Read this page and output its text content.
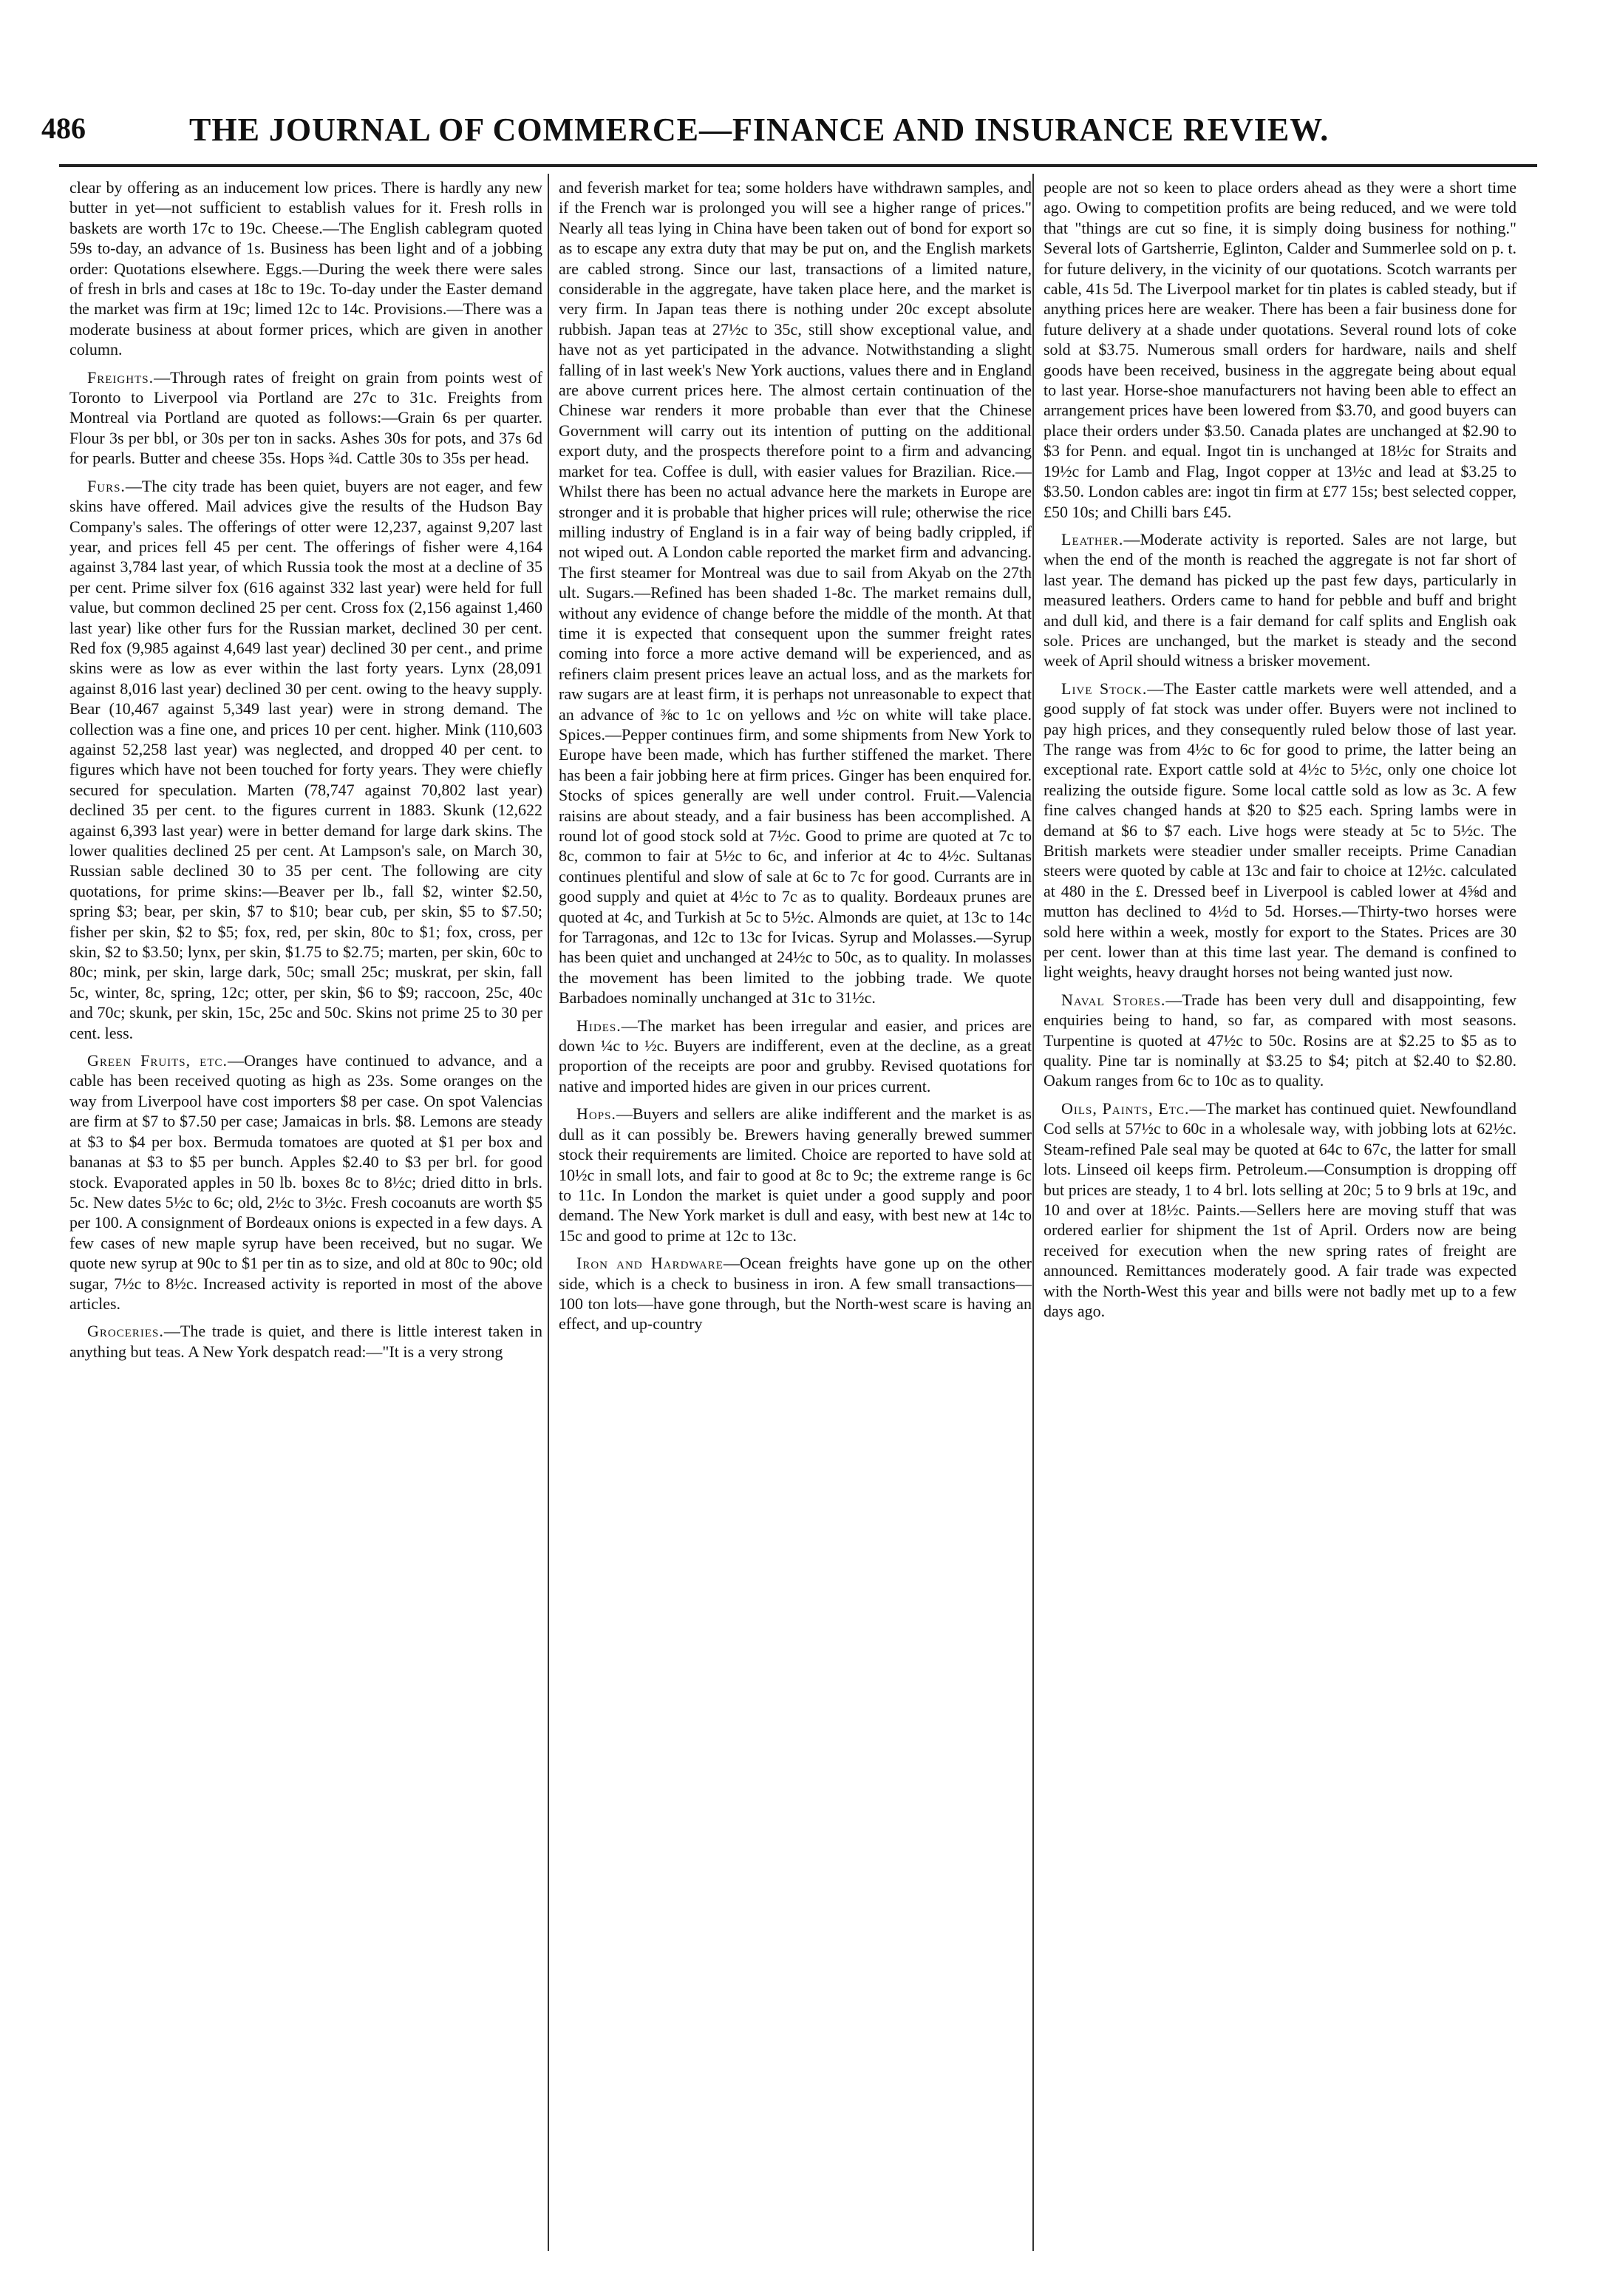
486	THE JOURNAL OF COMMERCE—FINANCE AND INSURANCE REVIEW.

clear by offering as an inducement low prices. There is hardly any new butter in yet—not sufficient to establish values for it. Fresh rolls in baskets are worth 17c to 19c. Cheese.—The English cablegram quoted 59s to-day, an advance of 1s. Business has been light and of a jobbing order: Quotations elsewhere. Eggs.—During the week there were sales of fresh in brls and cases at 18c to 19c. To-day under the Easter demand the market was firm at 19c; limed 12c to 14c. Provisions.—There was a moderate business at about former prices, which are given in another column.

Freights.—Through rates of freight on grain from points west of Toronto to Liverpool via Portland are 27c to 31c. Freights from Montreal via Portland are quoted as follows:—Grain 6s per quarter. Flour 3s per bbl, or 30s per ton in sacks. Ashes 30s for pots, and 37s 6d for pearls. Butter and cheese 35s. Hops ¾d. Cattle 30s to 35s per head.

Furs.—The city trade has been quiet, buyers are not eager, and few skins have offered. Mail advices give the results of the Hudson Bay Company's sales. The offerings of otter were 12,237, against 9,207 last year, and prices fell 45 per cent. The offerings of fisher were 4,164 against 3,784 last year, of which Russia took the most at a decline of 35 per cent. Prime silver fox (616 against 332 last year) were held for full value, but common declined 25 per cent. Cross fox (2,156 against 1,460 last year) like other furs for the Russian market, declined 30 per cent. Red fox (9,985 against 4,649 last year) declined 30 per cent., and prime skins were as low as ever within the last forty years. Lynx (28,091 against 8,016 last year) declined 30 per cent. owing to the heavy supply. Bear (10,467 against 5,349 last year) were in strong demand. The collection was a fine one, and prices 10 per cent. higher. Mink (110,603 against 52,258 last year) was neglected, and dropped 40 per cent. to figures which have not been touched for forty years. They were chiefly secured for speculation. Marten (78,747 against 70,802 last year) declined 35 per cent. to the figures current in 1883. Skunk (12,622 against 6,393 last year) were in better demand for large dark skins. The lower qualities declined 25 per cent. At Lampson's sale, on March 30, Russian sable declined 30 to 35 per cent. The following are city quotations, for prime skins:—Beaver per lb., fall $2, winter $2.50, spring $3; bear, per skin, $7 to $10; bear cub, per skin, $5 to $7.50; fisher per skin, $2 to $5; fox, red, per skin, 80c to $1; fox, cross, per skin, $2 to $3.50; lynx, per skin, $1.75 to $2.75; marten, per skin, 60c to 80c; mink, per skin, large dark, 50c; small 25c; muskrat, per skin, fall 5c, winter, 8c, spring, 12c; otter, per skin, $6 to $9; raccoon, 25c, 40c and 70c; skunk, per skin, 15c, 25c and 50c. Skins not prime 25 to 30 per cent. less.

Green Fruits, etc.—Oranges have continued to advance, and a cable has been received quoting as high as 23s. Some oranges on the way from Liverpool have cost importers $8 per case. On spot Valencias are firm at $7 to $7.50 per case; Jamaicas in brls. $8. Lemons are steady at $3 to $4 per box. Bermuda tomatoes are quoted at $1 per box and bananas at $3 to $5 per bunch. Apples $2.40 to $3 per brl. for good stock. Evaporated apples in 50 lb. boxes 8c to 8½c; dried ditto in brls. 5c. New dates 5½c to 6c; old, 2½c to 3½c. Fresh cocoanuts are worth $5 per 100. A consignment of Bordeaux onions is expected in a few days. A few cases of new maple syrup have been received, but no sugar. We quote new syrup at 90c to $1 per tin as to size, and old at 80c to 90c; old sugar, 7½c to 8½c. Increased activity is reported in most of the above articles.

Groceries.—The trade is quiet, and there is little interest taken in anything but teas. A New York despatch read:—"It is a very strong

and feverish market for tea; some holders have withdrawn samples, and if the French war is prolonged you will see a higher range of prices." Nearly all teas lying in China have been taken out of bond for export so as to escape any extra duty that may be put on, and the English markets are cabled strong. Since our last, transactions of a limited nature, considerable in the aggregate, have taken place here, and the market is very firm. In Japan teas there is nothing under 20c except absolute rubbish. Japan teas at 27½c to 35c, still show exceptional value, and have not as yet participated in the advance. Notwithstanding a slight falling of in last week's New York auctions, values there and in England are above current prices here. The almost certain continuation of the Chinese war renders it more probable than ever that the Chinese Government will carry out its intention of putting on the additional export duty, and the prospects therefore point to a firm and advancing market for tea. Coffee is dull, with easier values for Brazilian. Rice.—Whilst there has been no actual advance here the markets in Europe are stronger and it is probable that higher prices will rule; otherwise the rice milling industry of England is in a fair way of being badly crippled, if not wiped out. A London cable reported the market firm and advancing. The first steamer for Montreal was due to sail from Akyab on the 27th ult. Sugars.—Refined has been shaded 1-8c. The market remains dull, without any evidence of change before the middle of the month. At that time it is expected that consequent upon the summer freight rates coming into force a more active demand will be experienced, and as refiners claim present prices leave an actual loss, and as the markets for raw sugars are at least firm, it is perhaps not unreasonable to expect that an advance of ⅜c to 1c on yellows and ½c on white will take place. Spices.—Pepper continues firm, and some shipments from New York to Europe have been made, which has further stiffened the market. There has been a fair jobbing here at firm prices. Ginger has been enquired for. Stocks of spices generally are well under control. Fruit.—Valencia raisins are about steady, and a fair business has been accomplished. A round lot of good stock sold at 7½c. Good to prime are quoted at 7c to 8c, common to fair at 5½c to 6c, and inferior at 4c to 4½c. Sultanas continues plentiful and slow of sale at 6c to 7c for good. Currants are in good supply and quiet at 4½c to 7c as to quality. Bordeaux prunes are quoted at 4c, and Turkish at 5c to 5½c. Almonds are quiet, at 13c to 14c for Tarragonas, and 12c to 13c for Ivicas. Syrup and Molasses.—Syrup has been quiet and unchanged at 24½c to 50c, as to quality. In molasses the movement has been limited to the jobbing trade. We quote Barbadoes nominally unchanged at 31c to 31½c.

Hides.—The market has been irregular and easier, and prices are down ¼c to ½c. Buyers are indifferent, even at the decline, as a great proportion of the receipts are poor and grubby. Revised quotations for native and imported hides are given in our prices current.

Hops.—Buyers and sellers are alike indifferent and the market is as dull as it can possibly be. Brewers having generally brewed summer stock their requirements are limited. Choice are reported to have sold at 10½c in small lots, and fair to good at 8c to 9c; the extreme range is 6c to 11c. In London the market is quiet under a good supply and poor demand. The New York market is dull and easy, with best new at 14c to 15c and good to prime at 12c to 13c.

Iron and Hardware—Ocean freights have gone up on the other side, which is a check to business in iron. A few small transactions—100 ton lots—have gone through, but the North-west scare is having an effect, and up-country

people are not so keen to place orders ahead as they were a short time ago. Owing to competition profits are being reduced, and we were told that "things are cut so fine, it is simply doing business for nothing." Several lots of Gartsherrie, Eglinton, Calder and Summerlee sold on p. t. for future delivery, in the vicinity of our quotations. Scotch warrants per cable, 41s 5d. The Liverpool market for tin plates is cabled steady, but if anything prices here are weaker. There has been a fair business done for future delivery at a shade under quotations. Several round lots of coke sold at $3.75. Numerous small orders for hardware, nails and shelf goods have been received, business in the aggregate being about equal to last year. Horse-shoe manufacturers not having been able to effect an arrangement prices have been lowered from $3.70, and good buyers can place their orders under $3.50. Canada plates are unchanged at $2.90 to $3 for Penn. and equal. Ingot tin is unchanged at 18½c for Straits and 19½c for Lamb and Flag, Ingot copper at 13½c and lead at $3.25 to $3.50. London cables are: ingot tin firm at £77 15s; best selected copper, £50 10s; and Chilli bars £45.

Leather.—Moderate activity is reported. Sales are not large, but when the end of the month is reached the aggregate is not far short of last year. The demand has picked up the past few days, particularly in measured leathers. Orders came to hand for pebble and buff and bright and dull kid, and there is a fair demand for calf splits and English oak sole. Prices are unchanged, but the market is steady and the second week of April should witness a brisker movement.

Live Stock.—The Easter cattle markets were well attended, and a good supply of fat stock was under offer. Buyers were not inclined to pay high prices, and they consequently ruled below those of last year. The range was from 4½c to 6c for good to prime, the latter being an exceptional rate. Export cattle sold at 4½c to 5½c, only one choice lot realizing the outside figure. Some local cattle sold as low as 3c. A few fine calves changed hands at $20 to $25 each. Spring lambs were in demand at $6 to $7 each. Live hogs were steady at 5c to 5½c. The British markets were steadier under smaller receipts. Prime Canadian steers were quoted by cable at 13c and fair to choice at 12½c. calculated at 480 in the £. Dressed beef in Liverpool is cabled lower at 4⅝d and mutton has declined to 4½d to 5d. Horses.—Thirty-two horses were sold here within a week, mostly for export to the States. Prices are 30 per cent. lower than at this time last year. The demand is confined to light weights, heavy draught horses not being wanted just now.

Naval Stores.—Trade has been very dull and disappointing, few enquiries being to hand, so far, as compared with most seasons. Turpentine is quoted at 47½c to 50c. Rosins are at $2.25 to $5 as to quality. Pine tar is nominally at $3.25 to $4; pitch at $2.40 to $2.80. Oakum ranges from 6c to 10c as to quality.

Oils, Paints, Etc.—The market has continued quiet. Newfoundland Cod sells at 57½c to 60c in a wholesale way, with jobbing lots at 62½c. Steam-refined Pale seal may be quoted at 64c to 67c, the latter for small lots. Linseed oil keeps firm. Petroleum.—Consumption is dropping off but prices are steady, 1 to 4 brl. lots selling at 20c; 5 to 9 brls at 19c, and 10 and over at 18½c. Paints.—Sellers here are moving stuff that was ordered earlier for shipment the 1st of April. Orders now are being received for execution when the new spring rates of freight are announced. Remittances moderately good. A fair trade was expected with the North-West this year and bills were not badly met up to a few days ago.
